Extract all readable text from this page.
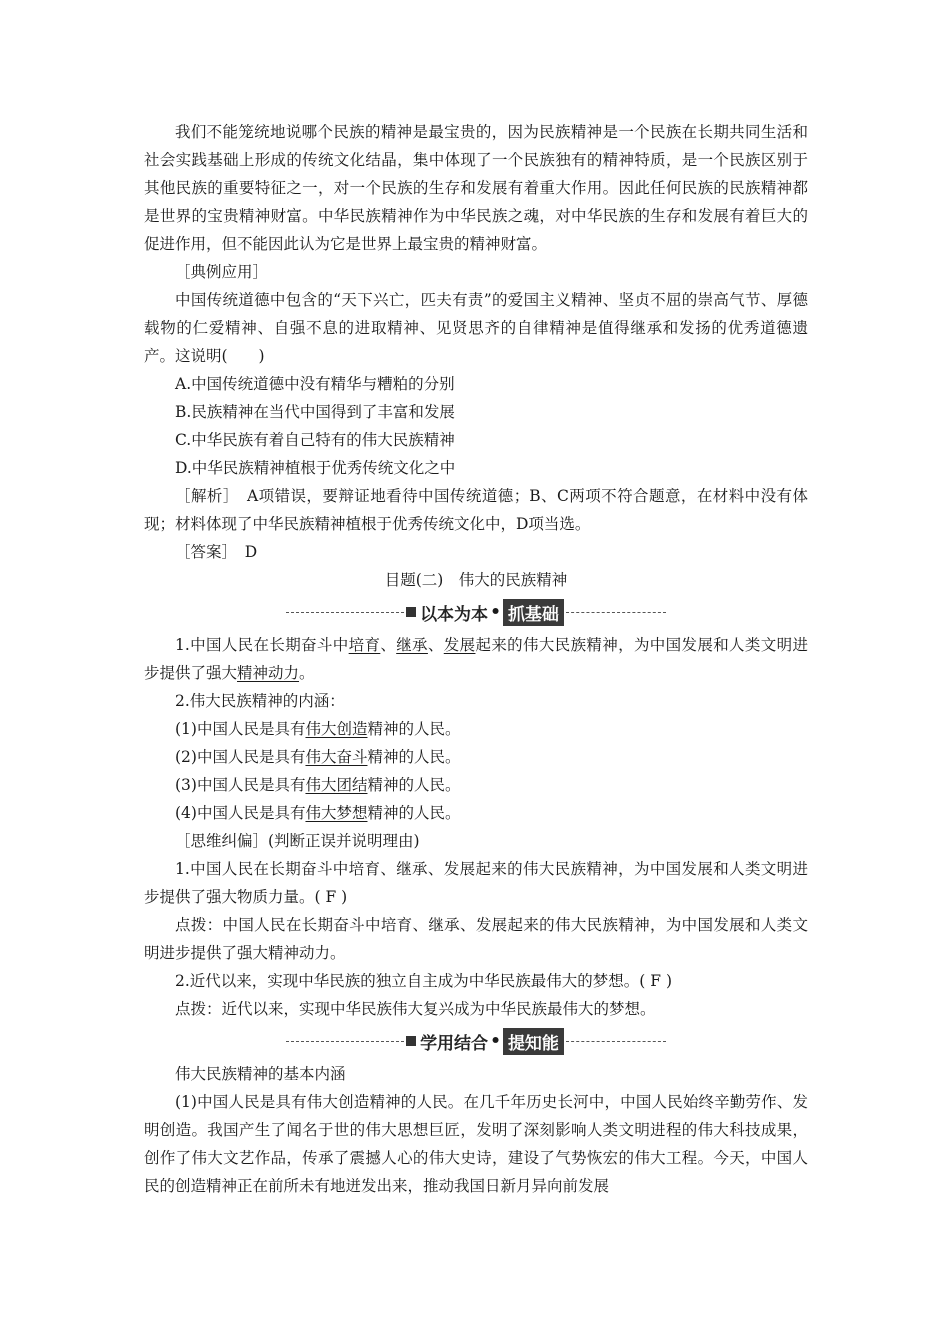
我们不能笼统地说哪个民族的精神是最宝贵的，因为民族精神是一个民族在长期共同生活和社会实践基础上形成的传统文化结晶，集中体现了一个民族独有的精神特质，是一个民族区别于其他民族的重要特征之一，对一个民族的生存和发展有着重大作用。因此任何民族的民族精神都是世界的宝贵精神财富。中华民族精神作为中华民族之魂，对中华民族的生存和发展有着巨大的促进作用，但不能因此认为它是世界上最宝贵的精神财富。

［典例应用］

中国传统道德中包含的“天下兴亡，匹夫有责”的爱国主义精神、坚贞不屈的崇高气节、厚德载物的仁爱精神、自强不息的进取精神、见贤思齐的自律精神是值得继承和发扬的优秀道德遗产。这说明(　　)

A.中国传统道德中没有精华与糟粕的分别

B.民族精神在当代中国得到了丰富和发展

C.中华民族有着自己特有的伟大民族精神

D.中华民族精神植根于优秀传统文化之中

［解析］　A项错误，要辩证地看待中国传统道德；B、C两项不符合题意，在材料中没有体现；材料体现了中华民族精神植根于优秀传统文化中，D项当选。

［答案］　D

目题(二)　伟大的民族精神

以本为本 • 抓基础

1.中国人民在长期奋斗中培育、继承、发展起来的伟大民族精神，为中国发展和人类文明进步提供了强大精神动力。

2.伟大民族精神的内涵：

(1)中国人民是具有伟大创造精神的人民。

(2)中国人民是具有伟大奋斗精神的人民。

(3)中国人民是具有伟大团结精神的人民。

(4)中国人民是具有伟大梦想精神的人民。

［思维纠偏］(判断正误并说明理由)

1.中国人民在长期奋斗中培育、继承、发展起来的伟大民族精神，为中国发展和人类文明进步提供了强大物质力量。( F )

点拨：中国人民在长期奋斗中培育、继承、发展起来的伟大民族精神，为中国发展和人类文明进步提供了强大精神动力。

2.近代以来，实现中华民族的独立自主成为中华民族最伟大的梦想。( F )

点拨：近代以来，实现中华民族伟大复兴成为中华民族最伟大的梦想。

学用结合 • 提知能

伟大民族精神的基本内涵

(1)中国人民是具有伟大创造精神的人民。在几千年历史长河中，中国人民始终辛勤劳作、发明创造。我国产生了闻名于世的伟大思想巨匠，发明了深刻影响人类文明进程的伟大科技成果，创作了伟大文艺作品，传承了震撼人心的伟大史诗，建设了气势恢宏的伟大工程。今天，中国人民的创造精神正在前所未有地迸发出来，推动我国日新月异向前发展
